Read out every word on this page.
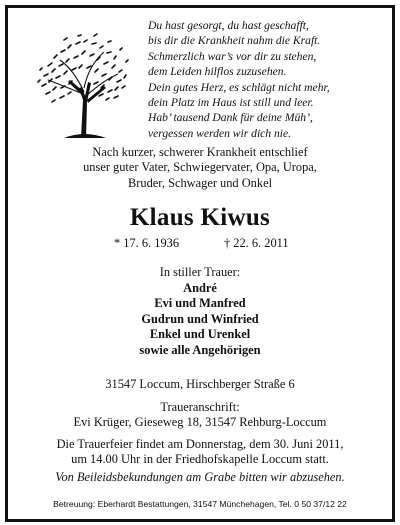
Du hast gesorgt, du hast geschafft,
bis dir die Krankheit nahm die Kraft.
Schmerzlich war’s vor dir zu stehen,
dem Leiden hilflos zuzusehen.
Dein gutes Herz, es schlägt nicht mehr,
dein Platz im Haus ist still und leer.
Hab’ tausend Dank für deine Müh’,
vergessen werden wir dich nie.
Nach kurzer, schwerer Krankheit entschlief
unser guter Vater, Schwiegervater, Opa, Uropa,
Bruder, Schwager und Onkel
Klaus Kiwus
* 17. 6. 1936	† 22. 6. 2011
In stiller Trauer:
André
Evi und Manfred
Gudrun und Winfried
Enkel und Urenkel
sowie alle Angehörigen
31547 Loccum, Hirschberger Straße 6
Traueranschrift:
Evi Krüger, Gieseweg 18, 31547 Rehburg-Loccum
Die Trauerfeier findet am Donnerstag, dem 30. Juni 2011,
um 14.00 Uhr in der Friedhofskapelle Loccum statt.
Von Beileidsbekundungen am Grabe bitten wir abzusehen.
Betreuung: Eberhardt Bestattungen, 31547 Münchehagen, Tel. 0 50 37/12 22
